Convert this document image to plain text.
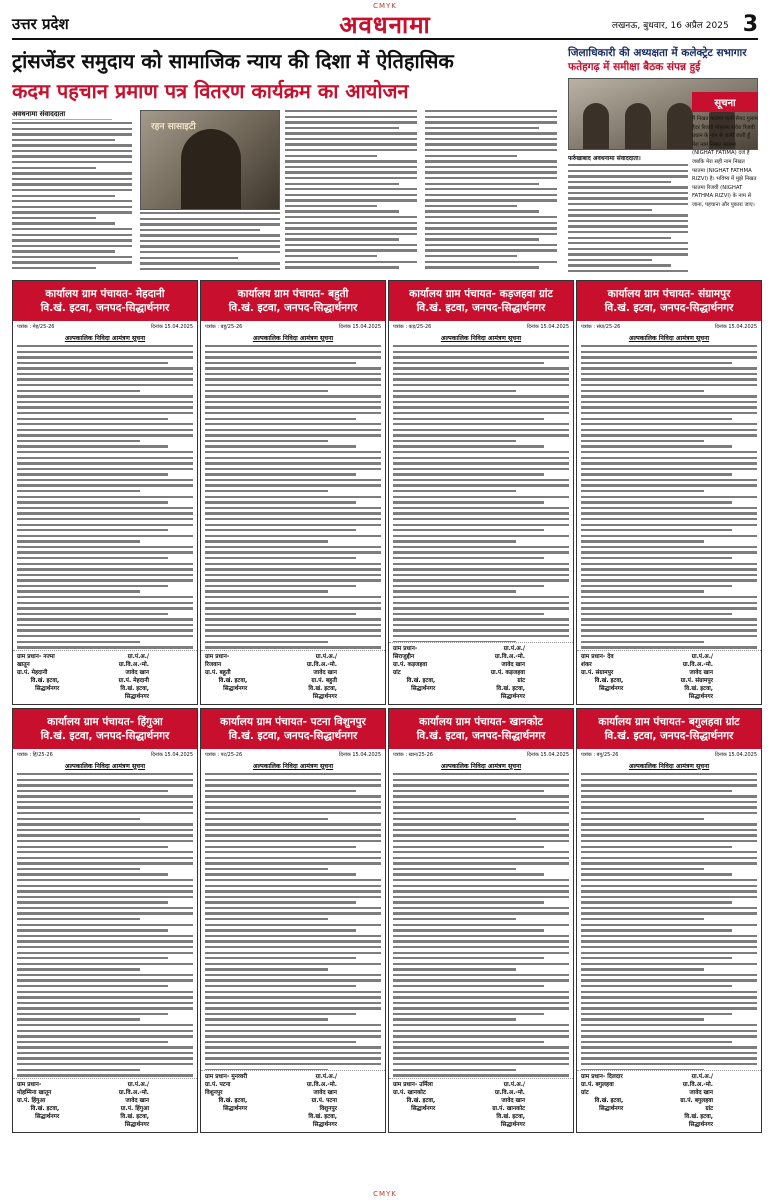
CMYK
उत्तर प्रदेश	अवधनामा	लखनऊ, बुधवार, 16 अप्रैल 2025 3
ट्रांसजेंडर समुदाय को सामाजिक न्याय की दिशा में ऐतिहासिक
कदम पहचान प्रमाण पत्र वितरण कार्यक्रम का आयोजन
अवधनामा संवाददाता
रहन सासाइटी
जिलाधिकारी की अध्यक्षता में कलेक्ट्रेट सभागार
फतेहगढ़ में समीक्षा बैठक संपन्न हुई
फर्रुखाबाद अवधनामा संवाददाता।
सूचना
मैं निखत फातमा पत्नी सैयद गुलाम हैदर रिजवी मोहल्ला सवेरा रिजवी प्रधान के नाम से जानी जाती हूँ मेरा नाम निखत फातमा (NIGHAT FATIMA) दर्ज है जबकि मेरा सही नाम निखत फातमा (NIGHAT FATHMA RIZVI) है। भविष्य में मुझे निखत फातमा रिजवी (NIGHAT FATHMA RIZVI) के नाम से जाना, पहचाना और पुकारा जाए।
कार्यालय ग्राम पंचायत- मेहदानी
वि.खं. इटवा, जनपद-सिद्धार्थनगर
पत्रांक : मेह/25-26	दिनांक 15.04.2025
अल्पकालिक निविदा आमंत्रण सूचना
ग्राम प्रधान- नज्मा खातून
ग्रा.पं. मेहदानी
वि.खं. इटवा, सिद्धार्थनगर
ग्रा.पं.अ./ग्रा.वि.अ.-मो. जावेद खान
ग्रा.पं. मेहदानी
वि.खं. इटवा, सिद्धार्थनगर
कार्यालय ग्राम पंचायत- बहुती
वि.खं. इटवा, जनपद-सिद्धार्थनगर
पत्रांक : बहु/25-26	दिनांक 15.04.2025
अल्पकालिक निविदा आमंत्रण सूचना
ग्राम प्रधान- रिजवान
ग्रा.पं. बहुती
वि.खं. इटवा, सिद्धार्थनगर
ग्रा.पं.अ./ग्रा.वि.अ.-मो. जावेद खान
ग्रा.पं. बहुती
वि.खं. इटवा, सिद्धार्थनगर
कार्यालय ग्राम पंचायत- कड़जहवा ग्रांट
वि.खं. इटवा, जनपद-सिद्धार्थनगर
पत्रांक : कड़/25-26	दिनांक 15.04.2025
अल्पकालिक निविदा आमंत्रण सूचना
ग्राम प्रधान- सिराजुद्दीन
ग्रा.पं. कड़जहवा ग्रांट
वि.खं. इटवा, सिद्धार्थनगर
ग्रा.पं.अ./ग्रा.वि.अ.-मो. जावेद खान
ग्रा.पं. कड़जहवा ग्रांट
वि.खं. इटवा, सिद्धार्थनगर
कार्यालय ग्राम पंचायत- संग्रामपुर
वि.खं. इटवा, जनपद-सिद्धार्थनगर
पत्रांक : संग्रा/25-26	दिनांक 15.04.2025
अल्पकालिक निविदा आमंत्रण सूचना
ग्राम प्रधान- देव शंकर
ग्रा.पं. संग्रामपुर
वि.खं. इटवा, सिद्धार्थनगर
ग्रा.पं.अ./ग्रा.वि.अ.-मो. जावेद खान
ग्रा.पं. संग्रामपुर
वि.खं. इटवा, सिद्धार्थनगर
कार्यालय ग्राम पंचायत- हिंगुआ
वि.खं. इटवा, जनपद-सिद्धार्थनगर
पत्रांक : हिं/25-26	दिनांक 15.04.2025
अल्पकालिक निविदा आमंत्रण सूचना
ग्राम प्रधान- मोहम्मिना खातून
ग्रा.पं. हिंगुआ
वि.खं. इटवा, सिद्धार्थनगर
ग्रा.पं.अ./ग्रा.वि.अ.-मो. जावेद खान
ग्रा.पं. हिंगुआ
वि.खं. इटवा, सिद्धार्थनगर
कार्यालय ग्राम पंचायत- पटना विशुनपुर
वि.खं. इटवा, जनपद-सिद्धार्थनगर
पत्रांक : पट/25-26	दिनांक 15.04.2025
अल्पकालिक निविदा आमंत्रण सूचना
ग्राम प्रधान- मुनव्वरी
ग्रा.पं. पटना विशुनपुर
वि.खं. इटवा, सिद्धार्थनगर
ग्रा.पं.अ./ग्रा.वि.अ.-मो. जावेद खान
ग्रा.पं. पटना विशुनपुर
वि.खं. इटवा, सिद्धार्थनगर
कार्यालय ग्राम पंचायत- खानकोट
वि.खं. इटवा, जनपद-सिद्धार्थनगर
पत्रांक : खान/25-26	दिनांक 15.04.2025
अल्पकालिक निविदा आमंत्रण सूचना
ग्राम प्रधान- उर्मिला
ग्रा.पं. खानकोट
वि.खं. इटवा, सिद्धार्थनगर
ग्रा.पं.अ./ग्रा.वि.अ.-मो. जावेद खान
ग्रा.पं. खानकोट
वि.खं. इटवा, सिद्धार्थनगर
कार्यालय ग्राम पंचायत- बगुलहवा ग्रांट
वि.खं. इटवा, जनपद-सिद्धार्थनगर
पत्रांक : बगु/25-26	दिनांक 15.04.2025
अल्पकालिक निविदा आमंत्रण सूचना
ग्राम प्रधान- दिलदार
ग्रा.पं. बगुलहवा ग्रांट
वि.खं. इटवा, सिद्धार्थनगर
ग्रा.पं.अ./ग्रा.वि.अ.-मो. जावेद खान
ग्रा.पं. बगुलहवा ग्रांट
वि.खं. इटवा, सिद्धार्थनगर
CMYK
